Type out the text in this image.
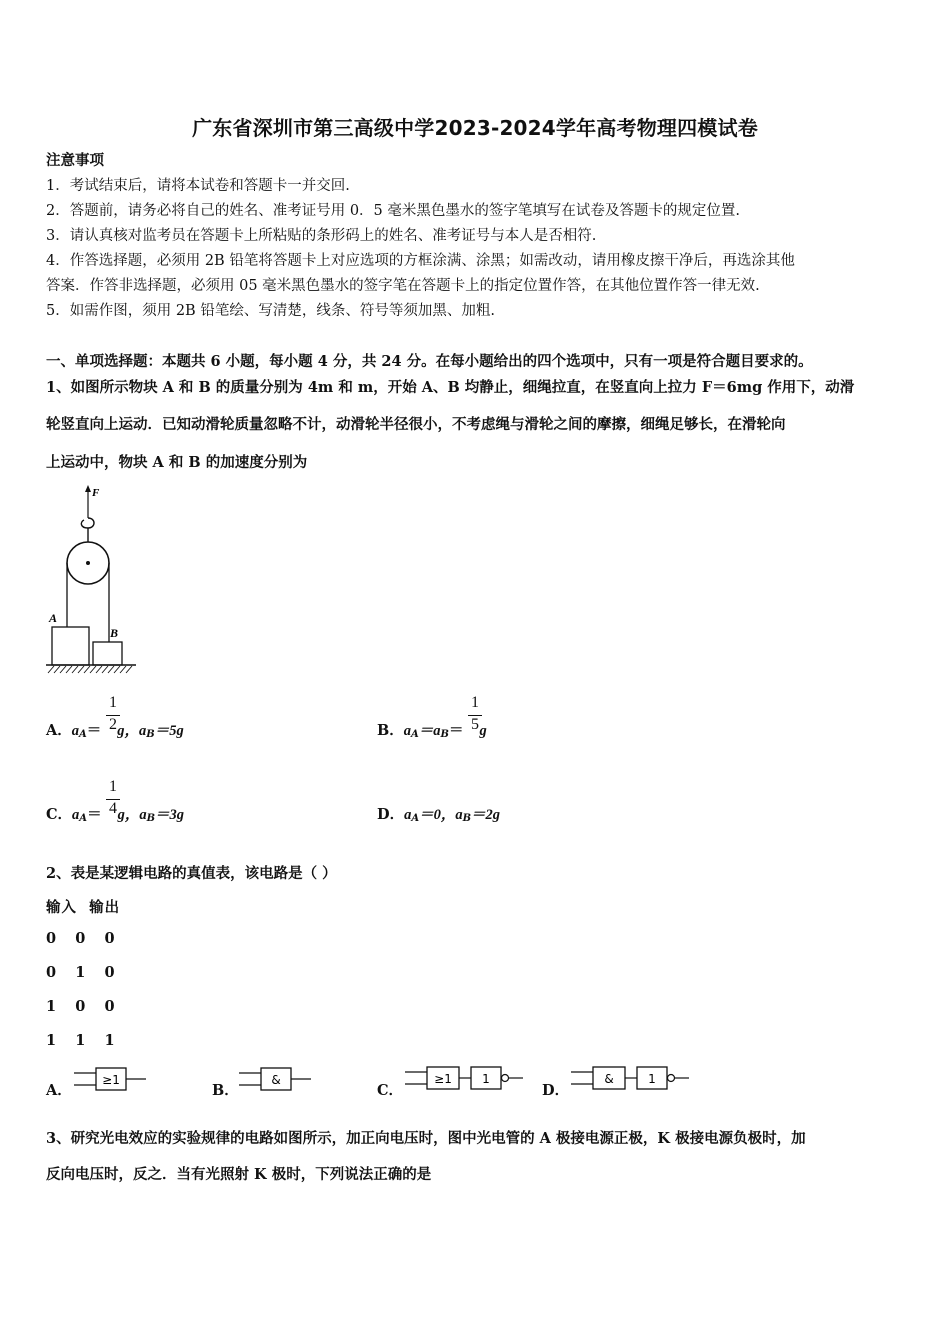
广东省深圳市第三高级中学2023-2024学年高考物理四模试卷
注意事项
1．考试结束后，请将本试卷和答题卡一并交回.
2．答题前，请务必将自己的姓名、准考证号用 0．5 毫米黑色墨水的签字笔填写在试卷及答题卡的规定位置.
3．请认真核对监考员在答题卡上所粘贴的条形码上的姓名、准考证号与本人是否相符.
4．作答选择题，必须用 2B 铅笔将答题卡上对应选项的方框涂满、涂黑；如需改动，请用橡皮擦干净后，再选涂其他
答案．作答非选择题，必须用 05 毫米黑色墨水的签字笔在答题卡上的指定位置作答，在其他位置作答一律无效.
5．如需作图，须用 2B 铅笔绘、写清楚，线条、符号等须加黑、加粗.
一、单项选择题：本题共 6 小题，每小题 4 分，共 24 分。在每小题给出的四个选项中，只有一项是符合题目要求的。
1、如图所示物块 A 和 B 的质量分别为 4m 和 m，开始 A、B 均静止，细绳拉直，在竖直向上拉力 F＝6mg 作用下，动滑
轮竖直向上运动．已知动滑轮质量忽略不计，动滑轮半径很小，不考虑绳与滑轮之间的摩擦，细绳足够长，在滑轮向
上运动中，物块 A 和 B 的加速度分别为
F
A
B
A．$a_A= g$，$a_B=5g$
1
2	B．$a_A=a_B= g$
1
5
C．$a_A= g$，$a_B=3g$
1
4	D．$a_A=0$，$a_B=2g$
2、表是某逻辑电路的真值表，该电路是（ ）
输入  输出
0   0   0
0   1   0
1   0   0
1   1   1
A．
≥1
B．
&
C．
≥1	1
D．
&	1
3、研究光电效应的实验规律的电路如图所示，加正向电压时，图中光电管的 A 极接电源正极，K 极接电源负极时，加
反向电压时，反之．当有光照射 K 极时，下列说法正确的是
